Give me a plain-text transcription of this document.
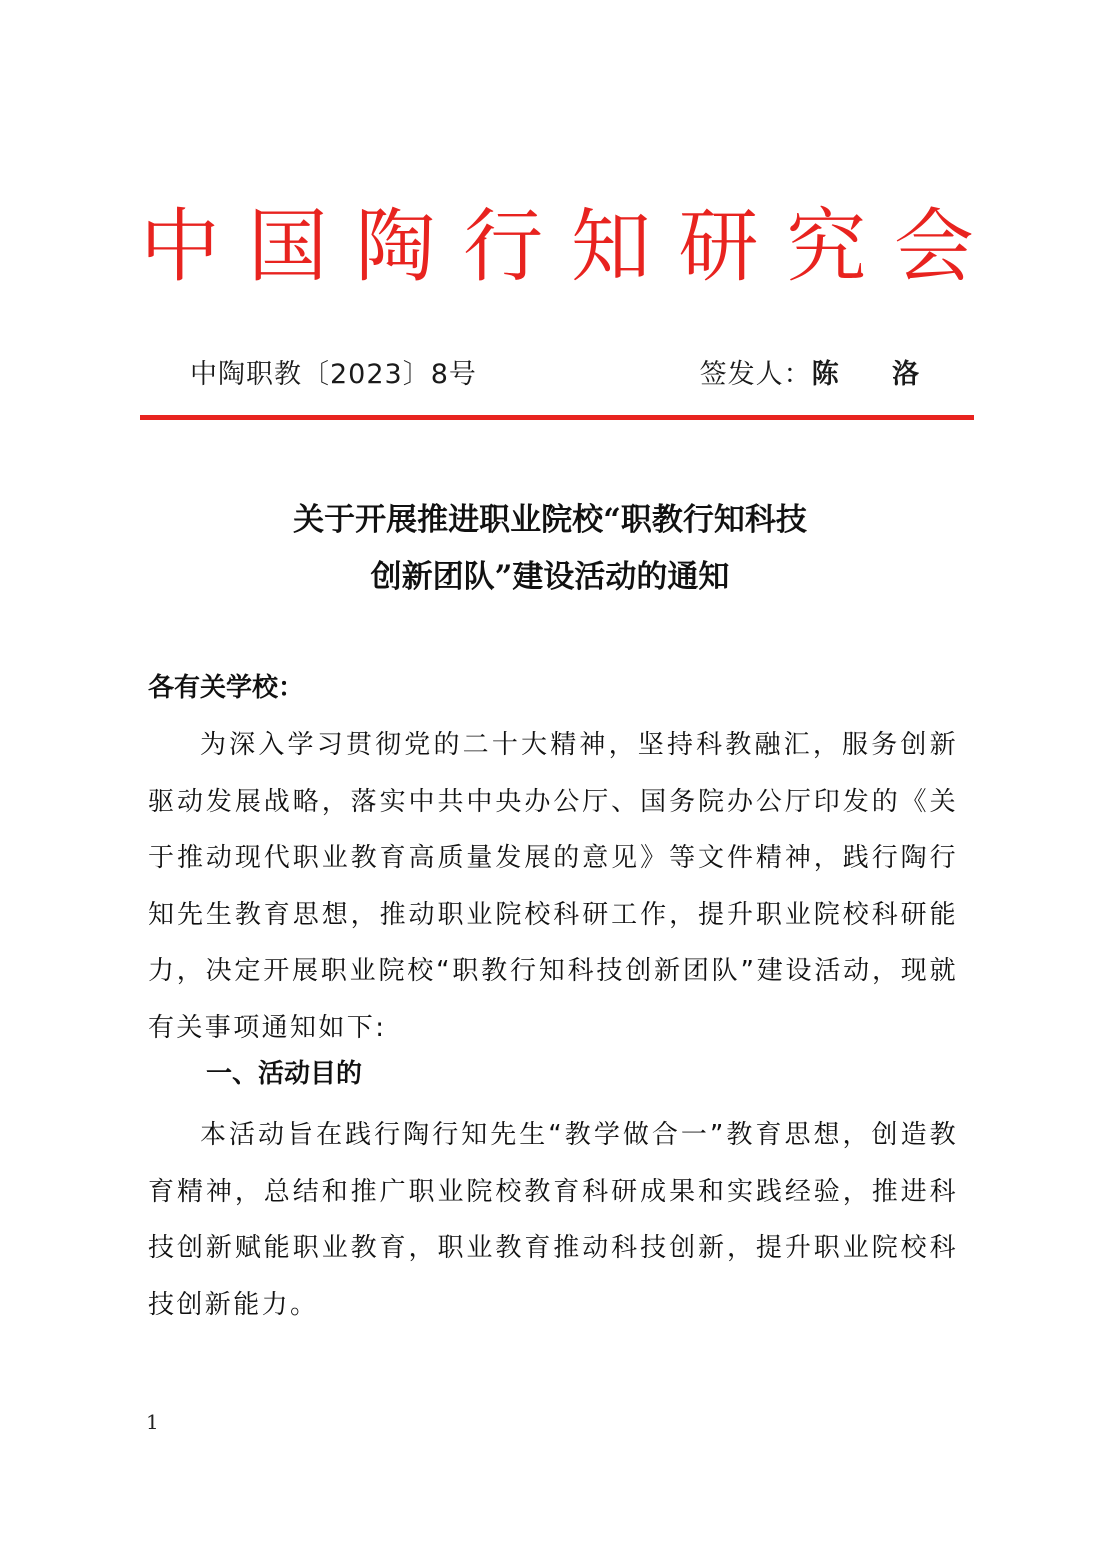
中 国 陶 行 知 研 究 会
中陶职教〔2023〕8号	签发人：陈 洛
关于开展推进职业院校“职教行知科技
创新团队”建设活动的通知
各有关学校：
为深入学习贯彻党的二十大精神，坚持科教融汇，服务创新驱动发展战略，落实中共中央办公厅、国务院办公厅印发的《关于推动现代职业教育高质量发展的意见》等文件精神，践行陶行知先生教育思想，推动职业院校科研工作，提升职业院校科研能力，决定开展职业院校“职教行知科技创新团队”建设活动，现就有关事项通知如下:
一、活动目的
本活动旨在践行陶行知先生“教学做合一”教育思想，创造教育精神，总结和推广职业院校教育科研成果和实践经验，推进科技创新赋能职业教育，职业教育推动科技创新，提升职业院校科技创新能力。
1
